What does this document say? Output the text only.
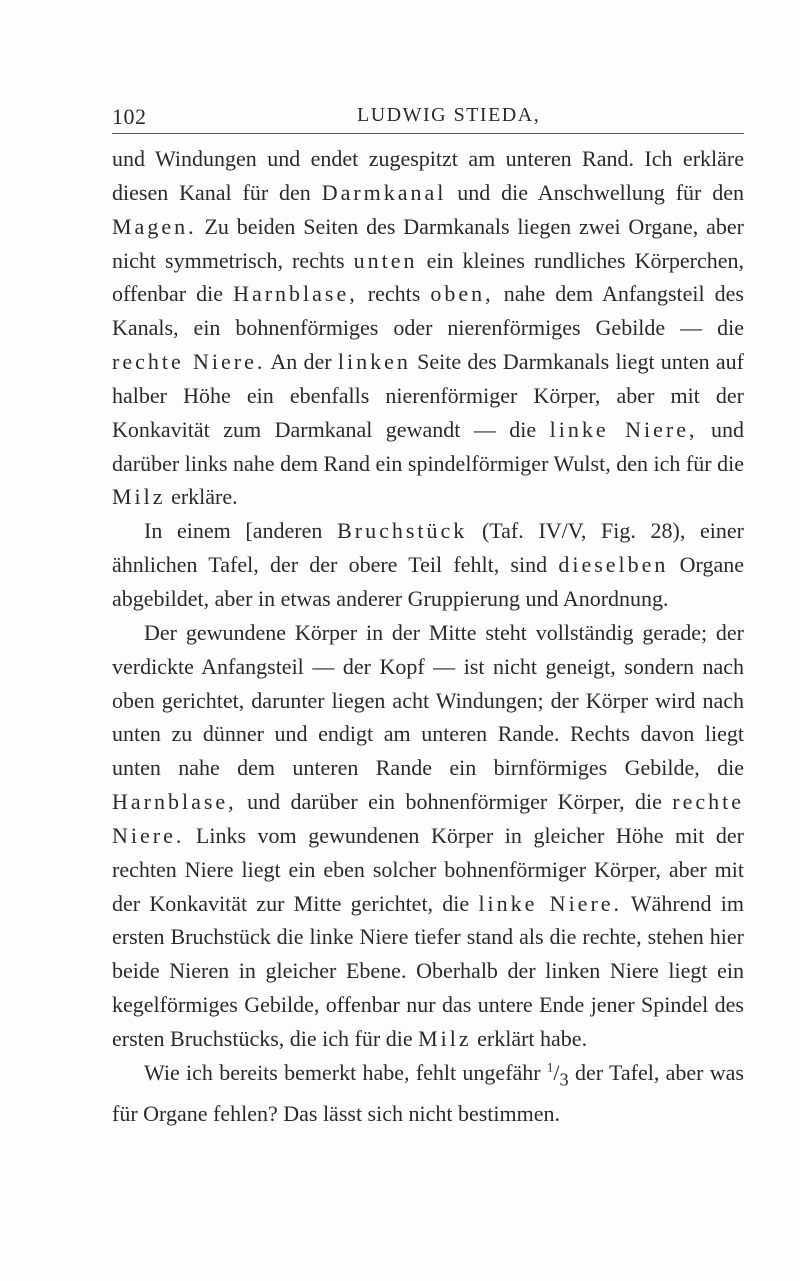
102	LUDWIG STIEDA,

und Windungen und endet zugespitzt am unteren Rand. Ich erkläre diesen Kanal für den Darmkanal und die Anschwellung für den Magen. Zu beiden Seiten des Darmkanals liegen zwei Organe, aber nicht symmetrisch, rechts unten ein kleines rundliches Körperchen, offenbar die Harnblase, rechts oben, nahe dem Anfangsteil des Kanals, ein bohnenförmiges oder nierenförmiges Gebilde — die rechte Niere. An der linken Seite des Darmkanals liegt unten auf halber Höhe ein ebenfalls nierenförmiger Körper, aber mit der Konkavität zum Darmkanal gewandt — die linke Niere, und darüber links nahe dem Rand ein spindelförmiger Wulst, den ich für die Milz erkläre.

In einem [anderen Bruchstück (Taf. IV/V, Fig. 28), einer ähnlichen Tafel, der der obere Teil fehlt, sind dieselben Organe abgebildet, aber in etwas anderer Gruppierung und Anordnung.

Der gewundene Körper in der Mitte steht vollständig gerade; der verdickte Anfangsteil — der Kopf — ist nicht geneigt, sondern nach oben gerichtet, darunter liegen acht Windungen; der Körper wird nach unten zu dünner und endigt am unteren Rande. Rechts davon liegt unten nahe dem unteren Rande ein birnförmiges Gebilde, die Harnblase, und darüber ein bohnenförmiger Körper, die rechte Niere. Links vom gewundenen Körper in gleicher Höhe mit der rechten Niere liegt ein eben solcher bohnenförmiger Körper, aber mit der Konkavität zur Mitte gerichtet, die linke Niere. Während im ersten Bruchstück die linke Niere tiefer stand als die rechte, stehen hier beide Nieren in gleicher Ebene. Oberhalb der linken Niere liegt ein kegelförmiges Gebilde, offenbar nur das untere Ende jener Spindel des ersten Bruchstücks, die ich für die Milz erklärt habe.

Wie ich bereits bemerkt habe, fehlt ungefähr $^1/_3$ der Tafel, aber was für Organe fehlen? Das lässt sich nicht bestimmen.
